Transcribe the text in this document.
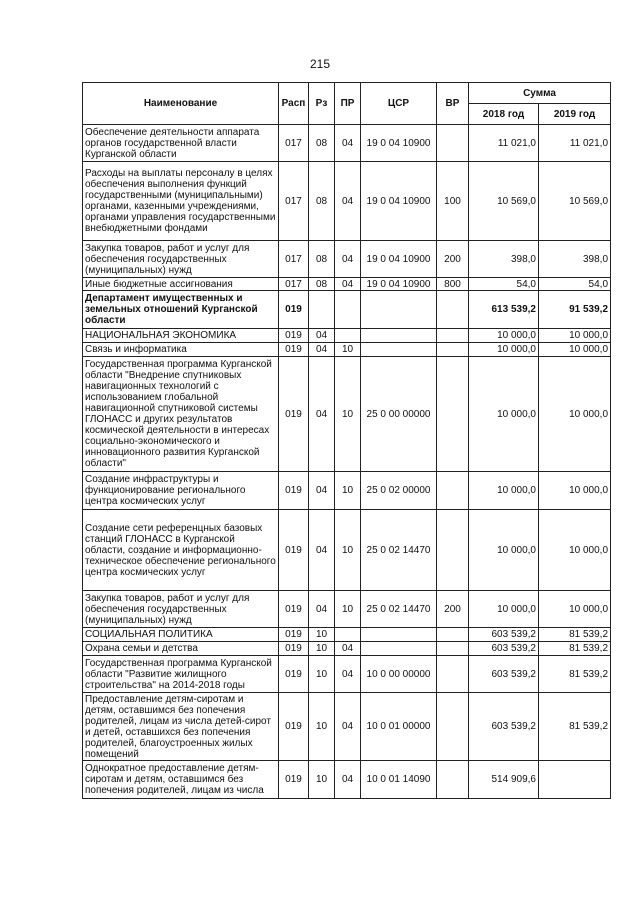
215
Наименование	Расп	Рз	ПР	ЦСР	ВР	Сумма	
						2018 год	2019 год
Обеспечение деятельности аппарата органов государственной власти Курганской области	017	08	04	19 0 04 10900		11 021,0	11 021,0
Расходы на выплаты персоналу в целях обеспечения выполнения функций государственными (муниципальными) органами, казенными учреждениями, органами управления государственными внебюджетными фондами	017	08	04	19 0 04 10900	100	10 569,0	10 569,0
Закупка товаров, работ и услуг для обеспечения государственных (муниципальных) нужд	017	08	04	19 0 04 10900	200	398,0	398,0
Иные бюджетные ассигнования	017	08	04	19 0 04 10900	800	54,0	54,0
Департамент имущественных и земельных отношений Курганской области	019					613 539,2	91 539,2
НАЦИОНАЛЬНАЯ ЭКОНОМИКА	019	04				10 000,0	10 000,0
Связь и информатика	019	04	10			10 000,0	10 000,0
Государственная программа Курганской области "Внедрение спутниковых навигационных технологий с использованием глобальной навигационной спутниковой системы ГЛОНАСС и других результатов космической деятельности в интересах социально-экономического и инновационного развития Курганской области"	019	04	10	25 0 00 00000		10 000,0	10 000,0
Создание инфраструктуры и функционирование регионального центра космических услуг	019	04	10	25 0 02 00000		10 000,0	10 000,0
Создание сети референцных базовых станций ГЛОНАСС в Курганской области, создание и информационно-техническое обеспечение регионального центра космических услуг	019	04	10	25 0 02 14470		10 000,0	10 000,0
Закупка товаров, работ и услуг для обеспечения государственных (муниципальных) нужд	019	04	10	25 0 02 14470	200	10 000,0	10 000,0
СОЦИАЛЬНАЯ ПОЛИТИКА	019	10				603 539,2	81 539,2
Охрана семьи и детства	019	10	04			603 539,2	81 539,2
Государственная программа Курганской области "Развитие жилищного строительства" на 2014-2018 годы	019	10	04	10 0 00 00000		603 539,2	81 539,2
Предоставление детям-сиротам и детям, оставшимся без попечения родителей, лицам из числа детей-сирот и детей, оставшихся без попечения родителей, благоустроенных жилых помещений	019	10	04	10 0 01 00000		603 539,2	81 539,2
Однократное предоставление детям-сиротам и детям, оставшимся без попечения родителей, лицам из числа	019	10	04	10 0 01 14090		514 909,6	
